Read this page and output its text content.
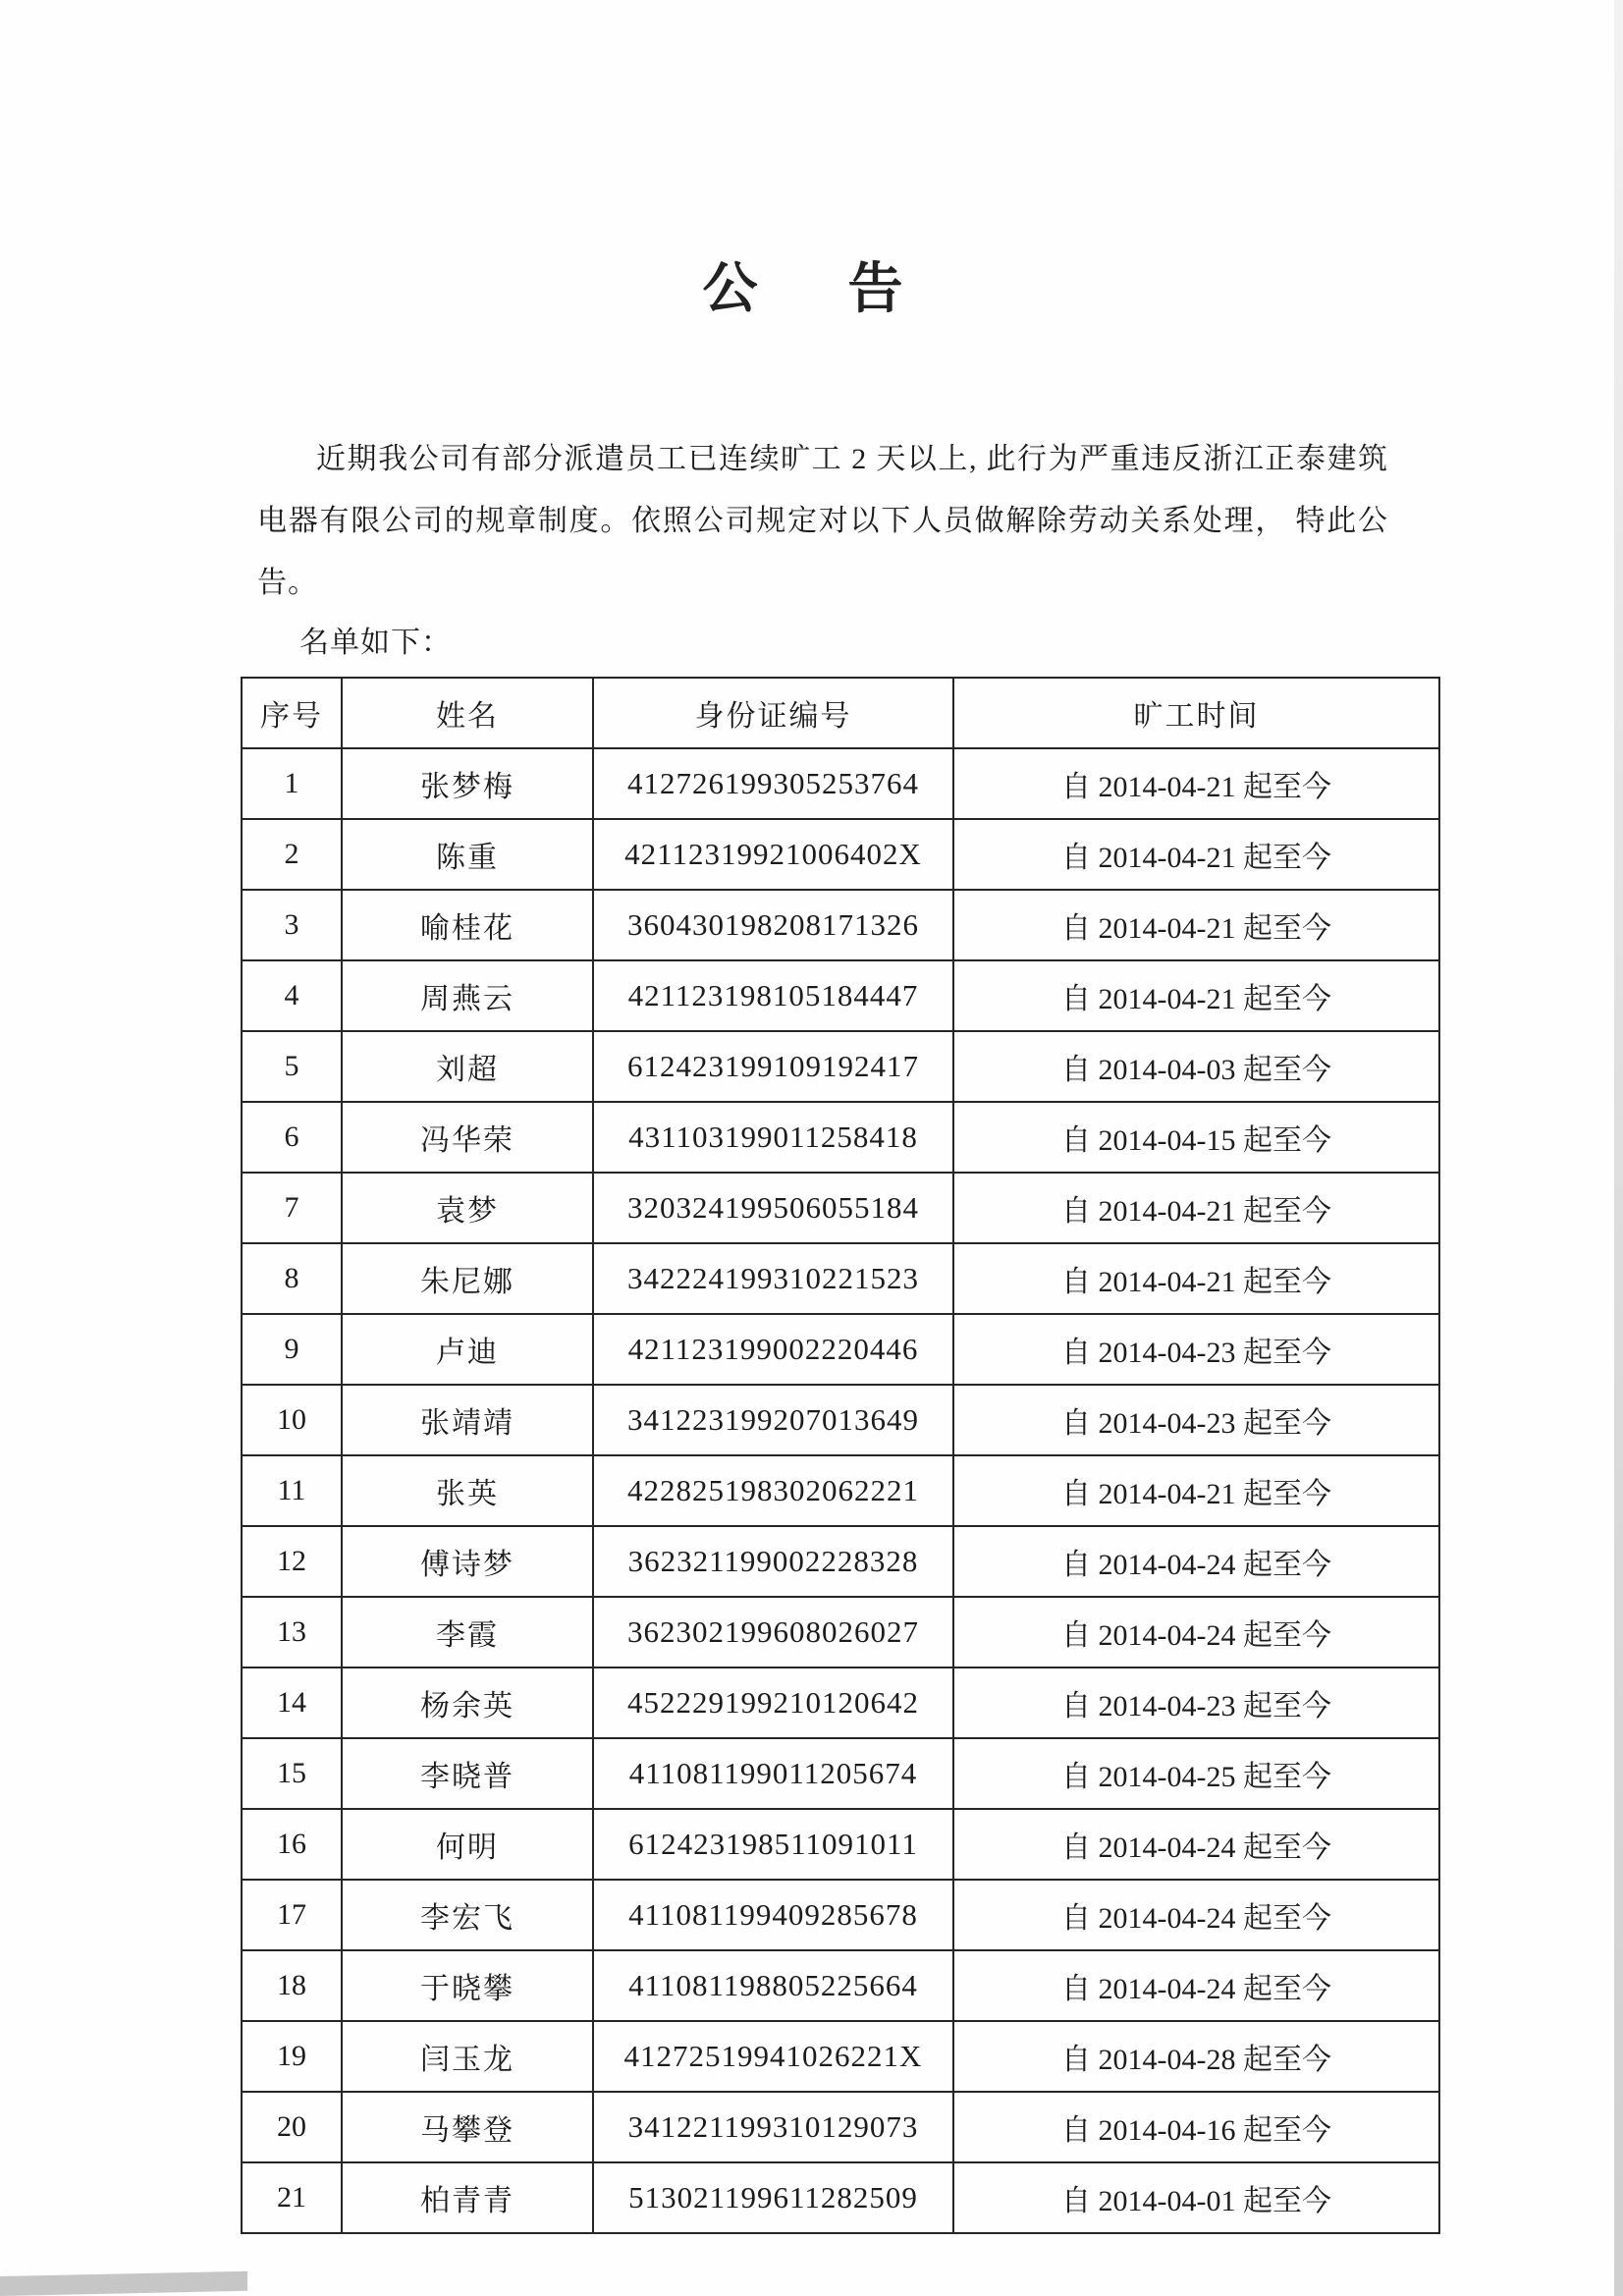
公　告

近期我公司有部分派遣员工已连续旷工 2 天以上, 此行为严重违反浙江正泰建筑电器有限公司的规章制度。依照公司规定对以下人员做解除劳动关系处理， 特此公告。

名单如下：

序号	姓名	身份证编号	旷工时间
1	张梦梅	412726199305253764	自 2014-04-21 起至今
2	陈重	42112319921006402X	自 2014-04-21 起至今
3	喻桂花	360430198208171326	自 2014-04-21 起至今
4	周燕云	421123198105184447	自 2014-04-21 起至今
5	刘超	612423199109192417	自 2014-04-03 起至今
6	冯华荣	431103199011258418	自 2014-04-15 起至今
7	袁梦	320324199506055184	自 2014-04-21 起至今
8	朱尼娜	342224199310221523	自 2014-04-21 起至今
9	卢迪	421123199002220446	自 2014-04-23 起至今
10	张靖靖	341223199207013649	自 2014-04-23 起至今
11	张英	422825198302062221	自 2014-04-21 起至今
12	傅诗梦	362321199002228328	自 2014-04-24 起至今
13	李霞	362302199608026027	自 2014-04-24 起至今
14	杨余英	452229199210120642	自 2014-04-23 起至今
15	李晓普	411081199011205674	自 2014-04-25 起至今
16	何明	612423198511091011	自 2014-04-24 起至今
17	李宏飞	411081199409285678	自 2014-04-24 起至今
18	于晓攀	411081198805225664	自 2014-04-24 起至今
19	闫玉龙	41272519941026221X	自 2014-04-28 起至今
20	马攀登	341221199310129073	自 2014-04-16 起至今
21	柏青青	513021199611282509	自 2014-04-01 起至今
